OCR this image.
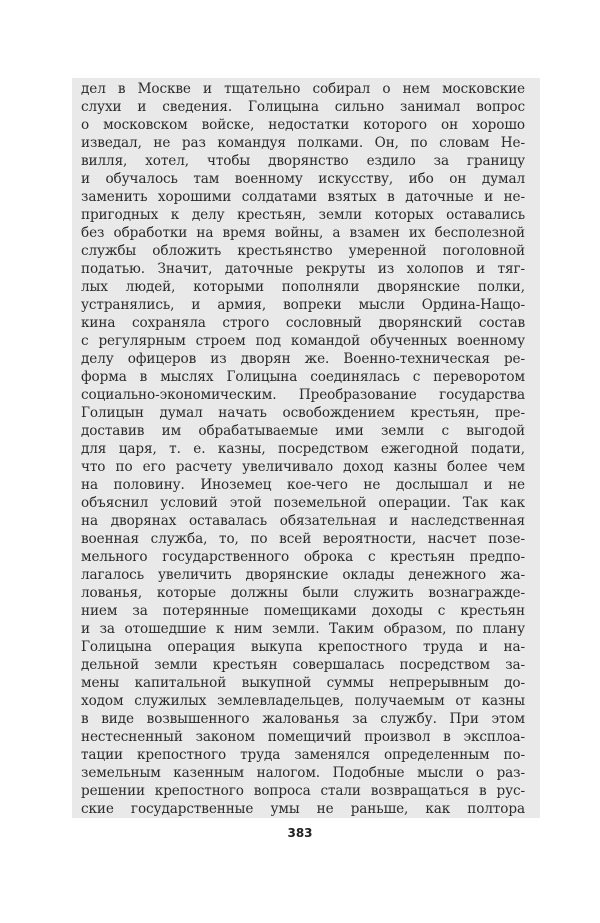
дел в Москве и тщательно собирал о нем московские
слухи и сведения. Голицына сильно занимал вопрос
о московском войске, недостатки которого он хорошо
изведал, не раз командуя полками. Он, по словам Не-
вилля, хотел, чтобы дворянство ездило за границу
и обучалось там военному искусству, ибо он думал
заменить хорошими солдатами взятых в даточные и не-
пригодных к делу крестьян, земли которых оставались
без обработки на время войны, а взамен их бесполезной
службы обложить крестьянство умеренной поголовной
податью. Значит, даточные рекруты из холопов и тяг-
лых людей, которыми пополняли дворянские полки,
устранялись, и армия, вопреки мысли Ордина-Нащо-
кина сохраняла строго сословный дворянский состав
с регулярным строем под командой обученных военному
делу офицеров из дворян же. Военно-техническая ре-
форма в мыслях Голицына соединялась с переворотом
социально-экономическим. Преобразование государства
Голицын думал начать освобождением крестьян, пре-
доставив им обрабатываемые ими земли с выгодой
для царя, т. е. казны, посредством ежегодной подати,
что по его расчету увеличивало доход казны более чем
на половину. Иноземец кое-чего не дослышал и не
объяснил условий этой поземельной операции. Так как
на дворянах оставалась обязательная и наследственная
военная служба, то, по всей вероятности, насчет позе-
мельного государственного оброка с крестьян предпо-
лагалось увеличить дворянские оклады денежного жа-
лованья, которые должны были служить вознагражде-
нием за потерянные помещиками доходы с крестьян
и за отошедшие к ним земли. Таким образом, по плану
Голицына операция выкупа крепостного труда и на-
дельной земли крестьян совершалась посредством за-
мены капитальной выкупной суммы непрерывным до-
ходом служилых землевладельцев, получаемым от казны
в виде возвышенного жалованья за службу. При этом
нестесненный законом помещичий произвол в эксплоа-
тации крепостного труда заменялся определенным по-
земельным казенным налогом. Подобные мысли о раз-
решении крепостного вопроса стали возвращаться в рус-
ские государственные умы не раньше, как полтора
383
